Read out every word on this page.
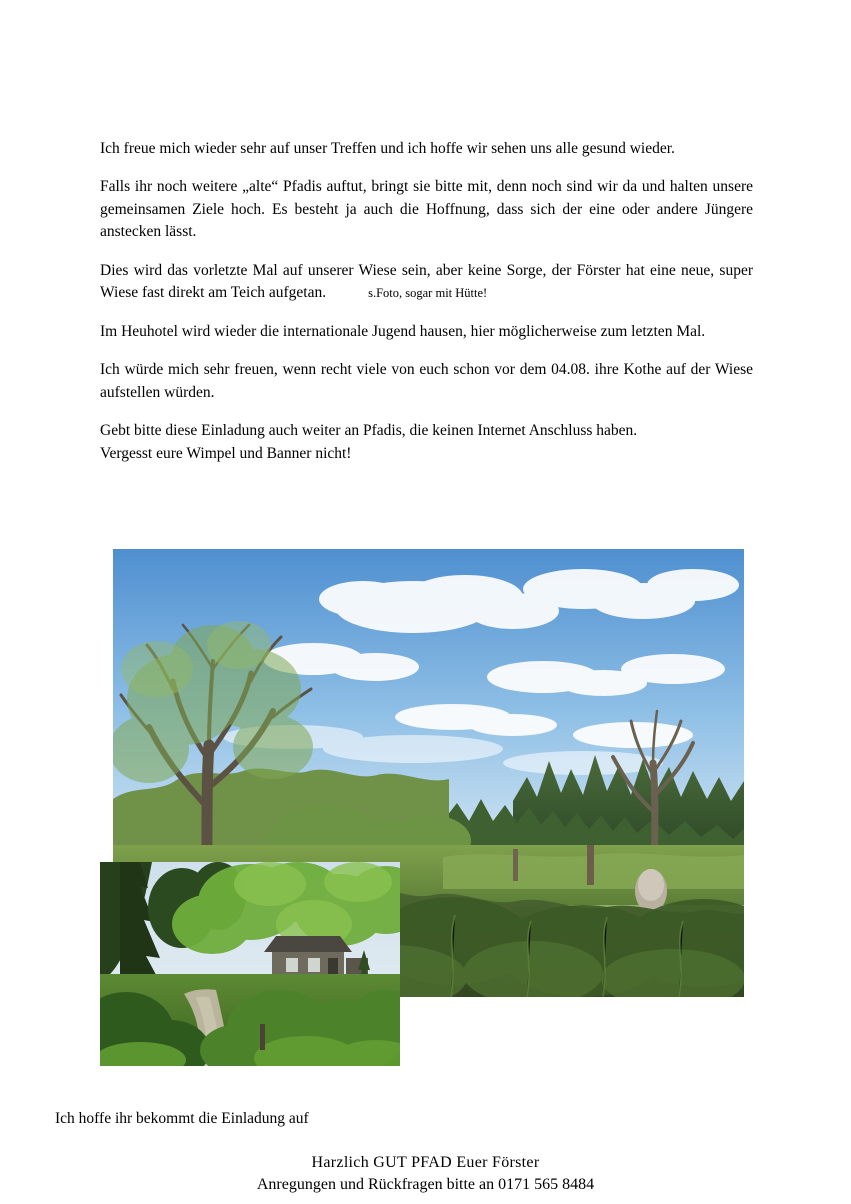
Ich freue mich wieder sehr auf unser Treffen und ich hoffe wir sehen uns alle gesund wieder.

Falls ihr noch weitere „alte“ Pfadis auftut, bringt sie bitte mit, denn noch sind wir da und halten unsere gemeinsamen Ziele hoch. Es besteht ja auch die Hoffnung, dass sich der eine oder andere Jüngere anstecken lässt.

Dies wird das vorletzte Mal auf unserer Wiese sein, aber keine Sorge, der Förster hat eine neue, super Wiese fast direkt am Teich aufgetan.	s.Foto, sogar mit Hütte!

Im Heuhotel wird wieder die internationale Jugend hausen, hier möglicherweise zum letzten Mal.

Ich würde mich sehr freuen, wenn recht viele von euch schon vor dem 04.08. ihre Kothe auf der Wiese aufstellen würden.

Gebt bitte diese Einladung auch weiter an Pfadis, die keinen Internet Anschluss haben.
Vergesst eure Wimpel und Banner nicht!

Ich hoffe ihr bekommt die Einladung auf
Harzlich GUT PFAD Euer Förster
Anregungen und Rückfragen bitte an 0171 565 8484
